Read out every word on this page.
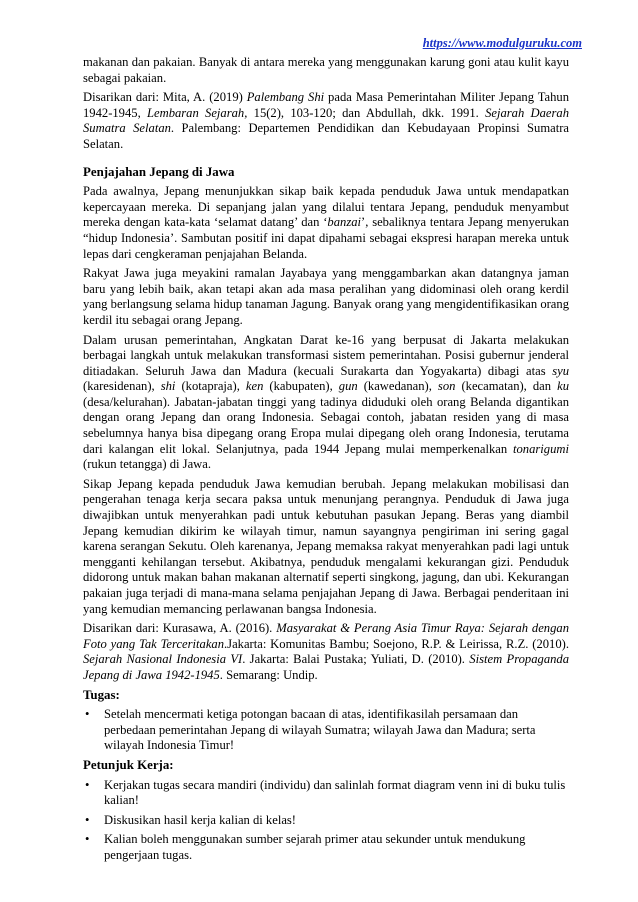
https://www.modulguruku.com

makanan dan pakaian. Banyak di antara mereka yang menggunakan karung goni atau kulit kayu sebagai pakaian.

Disarikan dari: Mita, A. (2019) Palembang Shi pada Masa Pemerintahan Militer Jepang Tahun 1942-1945, Lembaran Sejarah, 15(2), 103-120; dan Abdullah, dkk. 1991. Sejarah Daerah Sumatra Selatan. Palembang: Departemen Pendidikan dan Kebudayaan Propinsi Sumatra Selatan.

Penjajahan Jepang di Jawa

Pada awalnya, Jepang menunjukkan sikap baik kepada penduduk Jawa untuk mendapatkan kepercayaan mereka. Di sepanjang jalan yang dilalui tentara Jepang, penduduk menyambut mereka dengan kata-kata ‘selamat datang’ dan ‘banzai’, sebaliknya tentara Jepang menyerukan “hidup Indonesia’. Sambutan positif ini dapat dipahami sebagai ekspresi harapan mereka untuk lepas dari cengkeraman penjajahan Belanda.

Rakyat Jawa juga meyakini ramalan Jayabaya yang menggambarkan akan datangnya jaman baru yang lebih baik, akan tetapi akan ada masa peralihan yang didominasi oleh orang kerdil yang berlangsung selama hidup tanaman Jagung. Banyak orang yang mengidentifikasikan orang kerdil itu sebagai orang Jepang.

Dalam urusan pemerintahan, Angkatan Darat ke-16 yang berpusat di Jakarta melakukan berbagai langkah untuk melakukan transformasi sistem pemerintahan. Posisi gubernur jenderal ditiadakan. Seluruh Jawa dan Madura (kecuali Surakarta dan Yogyakarta) dibagi atas syu (karesidenan), shi (kotapraja), ken (kabupaten), gun (kawedanan), son (kecamatan), dan ku (desa/kelurahan). Jabatan-jabatan tinggi yang tadinya diduduki oleh orang Belanda digantikan dengan orang Jepang dan orang Indonesia. Sebagai contoh, jabatan residen yang di masa sebelumnya hanya bisa dipegang orang Eropa mulai dipegang oleh orang Indonesia, terutama dari kalangan elit lokal. Selanjutnya, pada 1944 Jepang mulai memperkenalkan tonarigumi (rukun tetangga) di Jawa.

Sikap Jepang kepada penduduk Jawa kemudian berubah. Jepang melakukan mobilisasi dan pengerahan tenaga kerja secara paksa untuk menunjang perangnya. Penduduk di Jawa juga diwajibkan untuk menyerahkan padi untuk kebutuhan pasukan Jepang. Beras yang diambil Jepang kemudian dikirim ke wilayah timur, namun sayangnya pengiriman ini sering gagal karena serangan Sekutu. Oleh karenanya, Jepang memaksa rakyat menyerahkan padi lagi untuk mengganti kehilangan tersebut. Akibatnya, penduduk mengalami kekurangan gizi. Penduduk didorong untuk makan bahan makanan alternatif seperti singkong, jagung, dan ubi. Kekurangan pakaian juga terjadi di mana-mana selama penjajahan Jepang di Jawa. Berbagai penderitaan ini yang kemudian memancing perlawanan bangsa Indonesia.

Disarikan dari: Kurasawa, A. (2016). Masyarakat & Perang Asia Timur Raya: Sejarah dengan Foto yang Tak Terceritakan.Jakarta: Komunitas Bambu; Soejono, R.P. & Leirissa, R.Z. (2010). Sejarah Nasional Indonesia VI. Jakarta: Balai Pustaka; Yuliati, D. (2010). Sistem Propaganda Jepang di Jawa 1942-1945. Semarang: Undip.

Tugas:
• Setelah mencermati ketiga potongan bacaan di atas, identifikasilah persamaan dan perbedaan pemerintahan Jepang di wilayah Sumatra; wilayah Jawa dan Madura; serta wilayah Indonesia Timur!
Petunjuk Kerja:
• Kerjakan tugas secara mandiri (individu) dan salinlah format diagram venn ini di buku tulis kalian!
• Diskusikan hasil kerja kalian di kelas!
• Kalian boleh menggunakan sumber sejarah primer atau sekunder untuk mendukung pengerjaan tugas.
